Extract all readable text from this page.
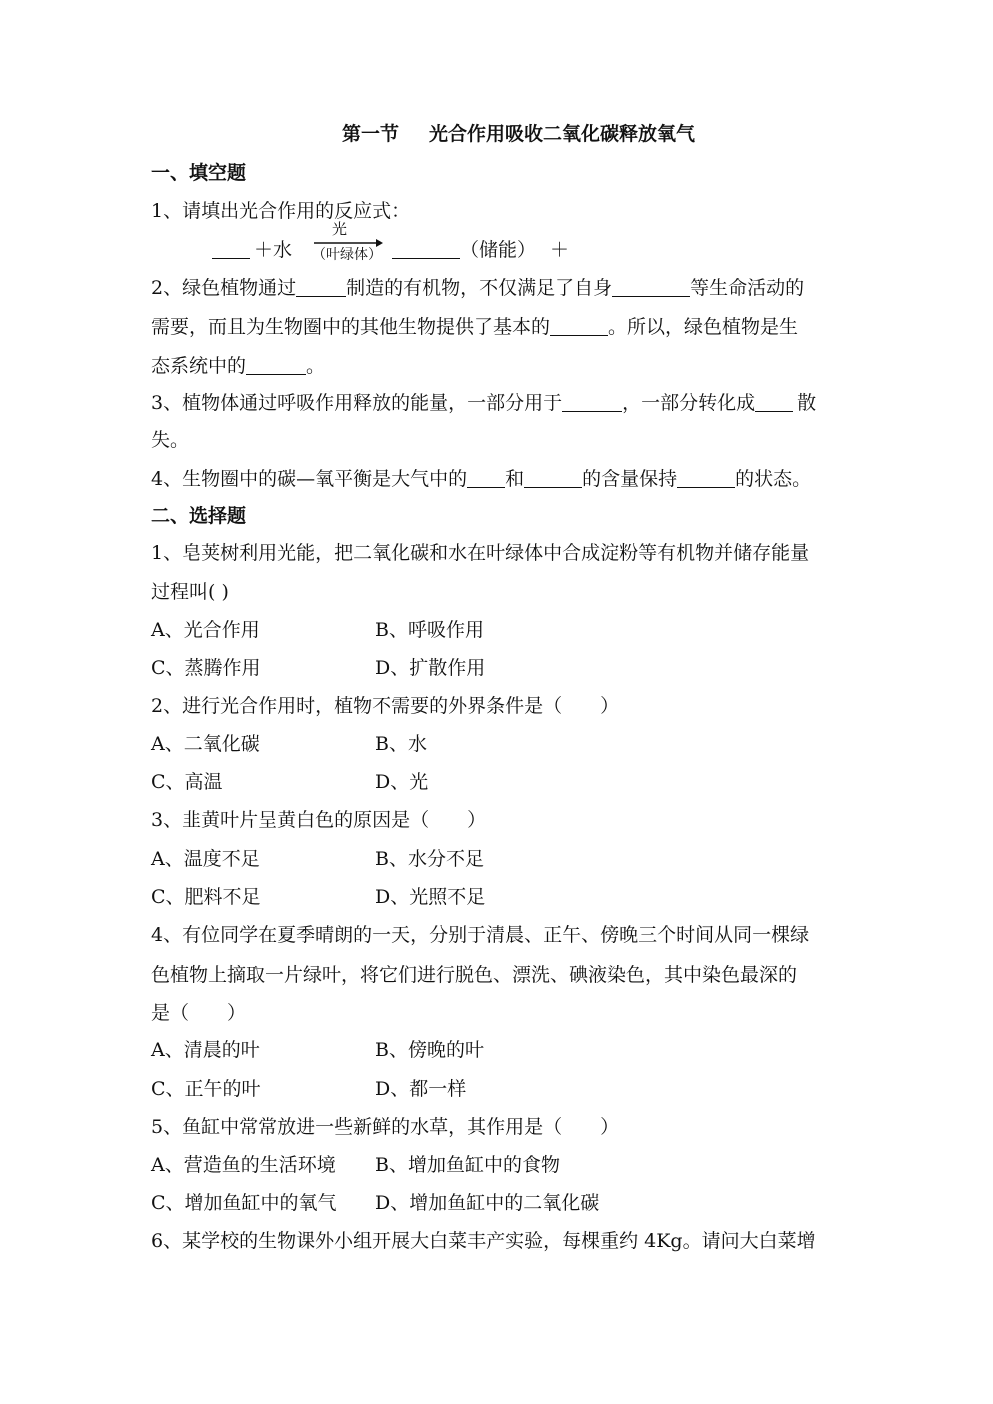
第一节 光合作用吸收二氧化碳释放氧气
一、填空题
1、请填出光合作用的反应式：
＋水 →
光
（叶绿体）	（储能） ＋
2、绿色植物通过	制造的有机物，不仅满足了自身	等生命活动的
需要，而且为生物圈中的其他生物提供了基本的	。所以，绿色植物是生
态系统中的	。
3、植物体通过呼吸作用释放的能量，一部分用于	，一部分转化成 散
失。
4、生物圈中的碳—氧平衡是大气中的 和	的含量保持	的状态。
二、选择题
1、皂荚树利用光能，把二氧化碳和水在叶绿体中合成淀粉等有机物并储存能量
过程叫( )
A、光合作用	B、呼吸作用
C、蒸腾作用	D、扩散作用
2、进行光合作用时，植物不需要的外界条件是（　　）
A、二氧化碳	B、水
C、高温	D、光
3、韭黄叶片呈黄白色的原因是（　　）
A、温度不足	B、水分不足
C、肥料不足	D、光照不足
4、有位同学在夏季晴朗的一天，分别于清晨、正午、傍晚三个时间从同一棵绿
色植物上摘取一片绿叶，将它们进行脱色、漂洗、碘液染色，其中染色最深的
是（　　）
A、清晨的叶	B、傍晚的叶
C、正午的叶	D、都一样
5、鱼缸中常常放进一些新鲜的水草，其作用是（　　）
A、营造鱼的生活环境 B、增加鱼缸中的食物
C、增加鱼缸中的氧气 D、增加鱼缸中的二氧化碳
6、某学校的生物课外小组开展大白菜丰产实验，每棵重约 4Kg。请问大白菜增
